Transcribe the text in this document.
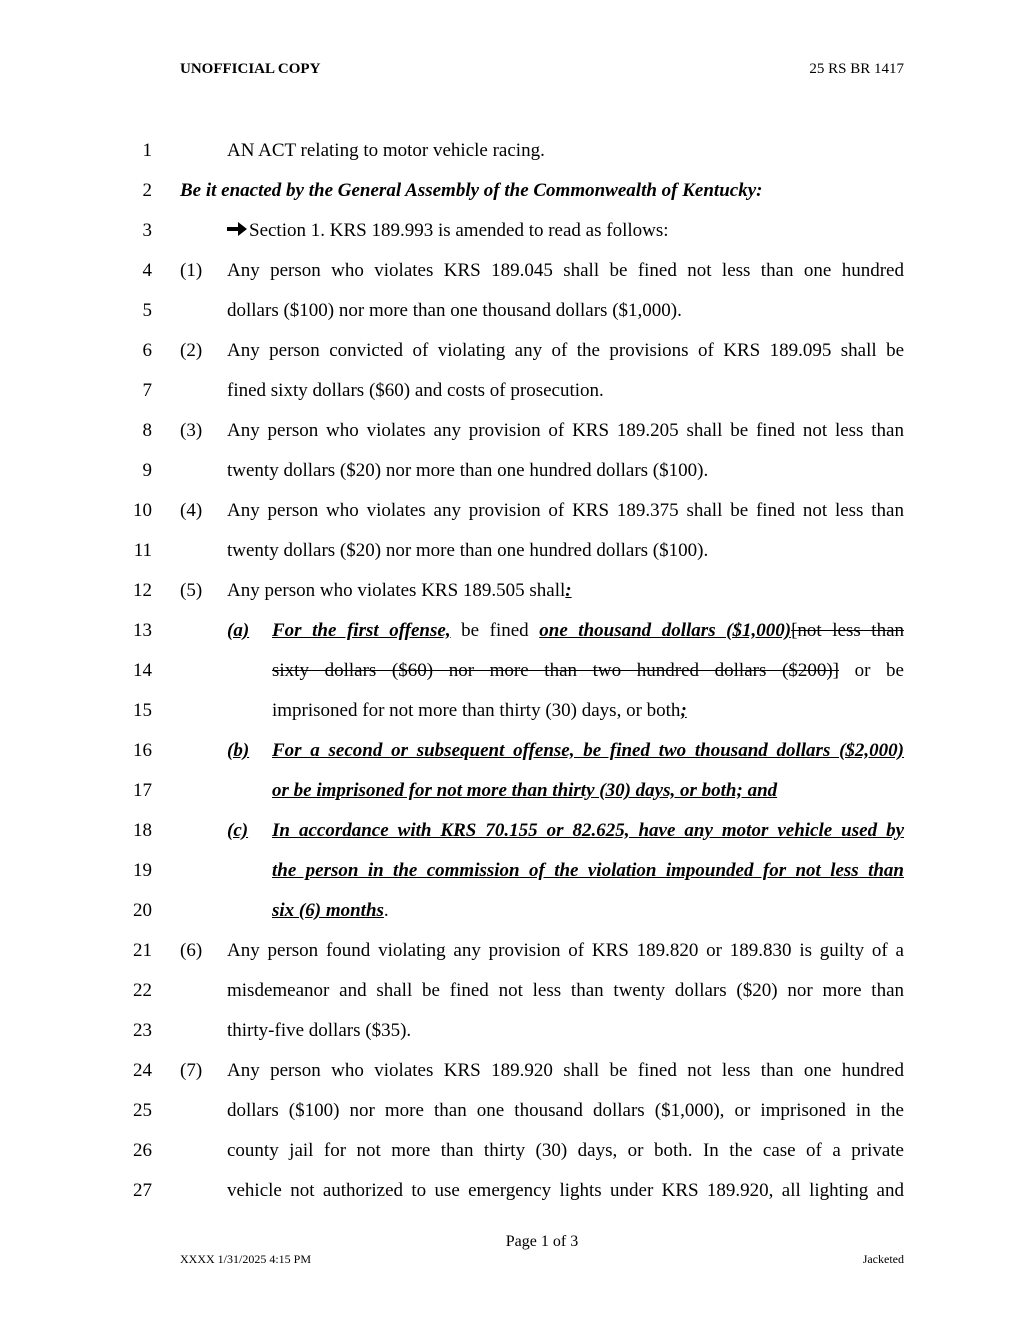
UNOFFICIAL COPY	25 RS BR 1417
1	AN ACT relating to motor vehicle racing.
2 Be it enacted by the General Assembly of the Commonwealth of Kentucky:
3	Section 1. KRS 189.993 is amended to read as follows:
4 (1) Any person who violates KRS 189.045 shall be fined not less than one hundred
5	dollars ($100) nor more than one thousand dollars ($1,000).
6 (2) Any person convicted of violating any of the provisions of KRS 189.095 shall be
7	fined sixty dollars ($60) and costs of prosecution.
8 (3) Any person who violates any provision of KRS 189.205 shall be fined not less than
9	twenty dollars ($20) nor more than one hundred dollars ($100).
10 (4) Any person who violates any provision of KRS 189.375 shall be fined not less than
11	twenty dollars ($20) nor more than one hundred dollars ($100).
12 (5) Any person who violates KRS 189.505 shall:
13	(a) For the first offense, be fined one thousand dollars ($1,000)[not less than
14	sixty dollars ($60) nor more than two hundred dollars ($200)] or be
15	imprisoned for not more than thirty (30) days, or both;
16	(b) For a second or subsequent offense, be fined two thousand dollars ($2,000)
17	or be imprisoned for not more than thirty (30) days, or both; and
18	(c) In accordance with KRS 70.155 or 82.625, have any motor vehicle used by
19	the person in the commission of the violation impounded for not less than
20	six (6) months.
21 (6) Any person found violating any provision of KRS 189.820 or 189.830 is guilty of a
22	misdemeanor and shall be fined not less than twenty dollars ($20) nor more than
23	thirty-five dollars ($35).
24 (7) Any person who violates KRS 189.920 shall be fined not less than one hundred
25	dollars ($100) nor more than one thousand dollars ($1,000), or imprisoned in the
26	county jail for not more than thirty (30) days, or both. In the case of a private
27	vehicle not authorized to use emergency lights under KRS 189.920, all lighting and
Page 1 of 3
XXXX 1/31/2025 4:15 PM	Jacketed
